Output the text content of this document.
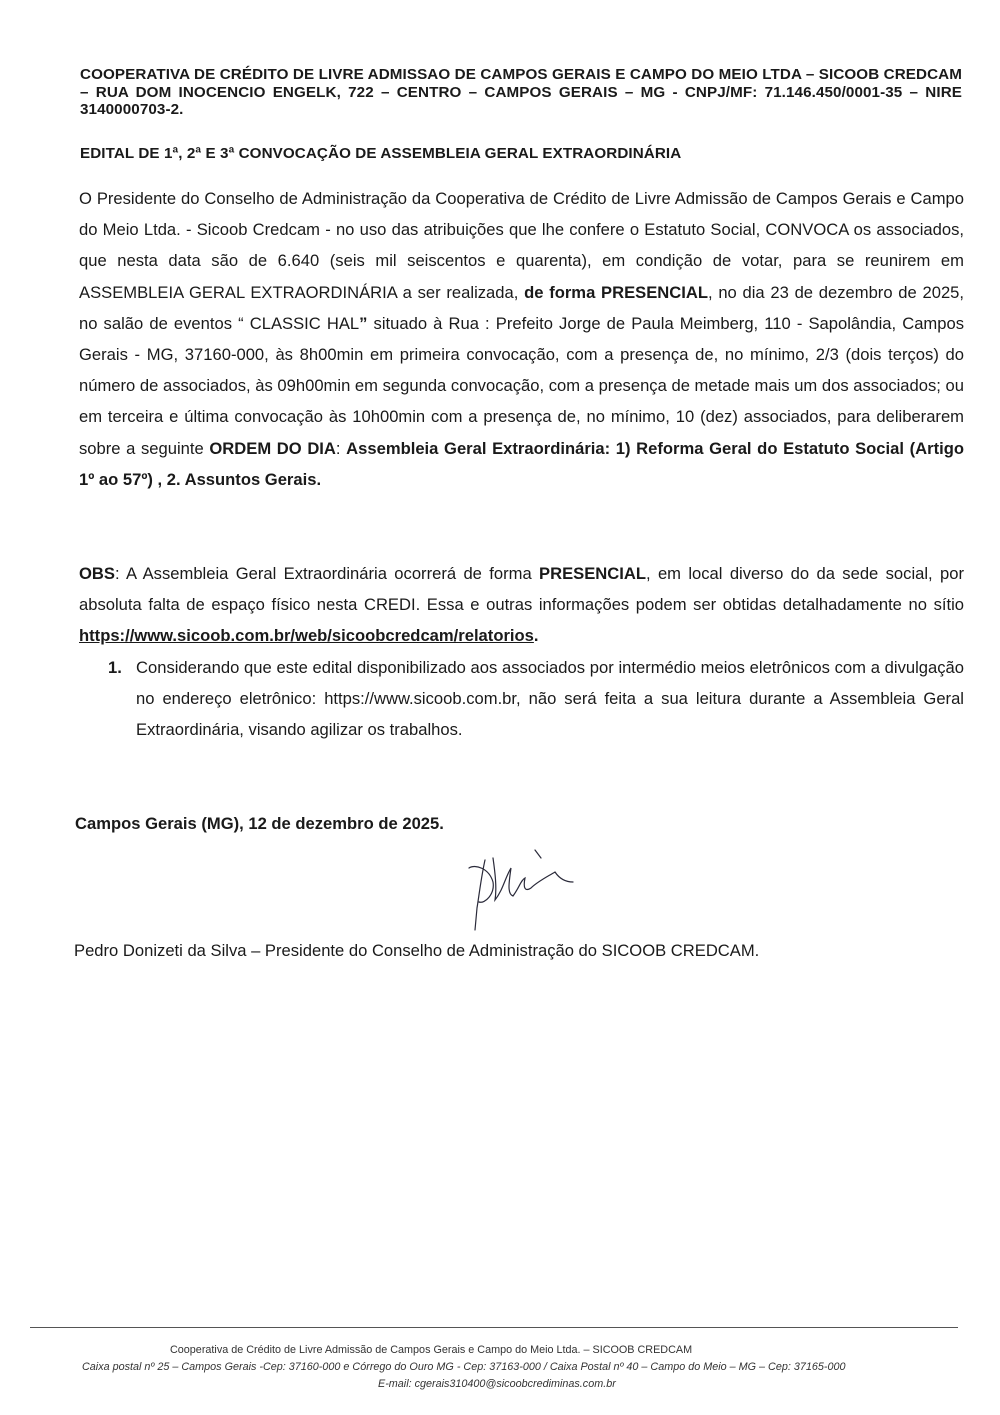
COOPERATIVA DE CRÉDITO DE LIVRE ADMISSAO DE CAMPOS GERAIS E CAMPO DO MEIO LTDA – SICOOB CREDCAM – RUA DOM INOCENCIO ENGELK, 722 – CENTRO – CAMPOS GERAIS – MG - CNPJ/MF: 71.146.450/0001-35 – NIRE 3140000703-2.
EDITAL DE 1ª, 2ª E 3ª CONVOCAÇÃO DE ASSEMBLEIA GERAL EXTRAORDINÁRIA
O Presidente do Conselho de Administração da Cooperativa de Crédito de Livre Admissão de Campos Gerais e Campo do Meio Ltda. - Sicoob Credcam - no uso das atribuições que lhe confere o Estatuto Social, CONVOCA os associados, que nesta data são de 6.640 (seis mil seiscentos e quarenta), em condição de votar, para se reunirem em ASSEMBLEIA GERAL EXTRAORDINÁRIA a ser realizada, de forma PRESENCIAL, no dia 23 de dezembro de 2025, no salão de eventos “ CLASSIC HAL” situado à Rua : Prefeito Jorge de Paula Meimberg, 110 - Sapolândia, Campos Gerais - MG, 37160-000, às 8h00min em primeira convocação, com a presença de, no mínimo, 2/3 (dois terços) do número de associados, às 09h00min em segunda convocação, com a presença de metade mais um dos associados; ou em terceira e última convocação às 10h00min com a presença de, no mínimo, 10 (dez) associados, para deliberarem sobre a seguinte ORDEM DO DIA: Assembleia Geral Extraordinária: 1) Reforma Geral do Estatuto Social (Artigo 1º ao 57º) , 2. Assuntos Gerais.
OBS: A Assembleia Geral Extraordinária ocorrerá de forma PRESENCIAL, em local diverso do da sede social, por absoluta falta de espaço físico nesta CREDI. Essa e outras informações podem ser obtidas detalhadamente no sítio https://www.sicoob.com.br/web/sicoobcredcam/relatorios.
1. Considerando que este edital disponibilizado aos associados por intermédio meios eletrônicos com a divulgação no endereço eletrônico: https://www.sicoob.com.br, não será feita a sua leitura durante a Assembleia Geral Extraordinária, visando agilizar os trabalhos.
Campos Gerais (MG), 12 de dezembro de 2025.
Pedro Donizeti da Silva – Presidente do Conselho de Administração do SICOOB CREDCAM.
Cooperativa de Crédito de Livre Admissão de Campos Gerais e Campo do Meio Ltda. – SICOOB CREDCAM
Caixa postal nº 25 – Campos Gerais -Cep: 37160-000 e Córrego do Ouro MG - Cep: 37163-000 / Caixa Postal nº 40 – Campo do Meio – MG – Cep: 37165-000
E-mail: cgerais310400@sicoobcrediminas.com.br
